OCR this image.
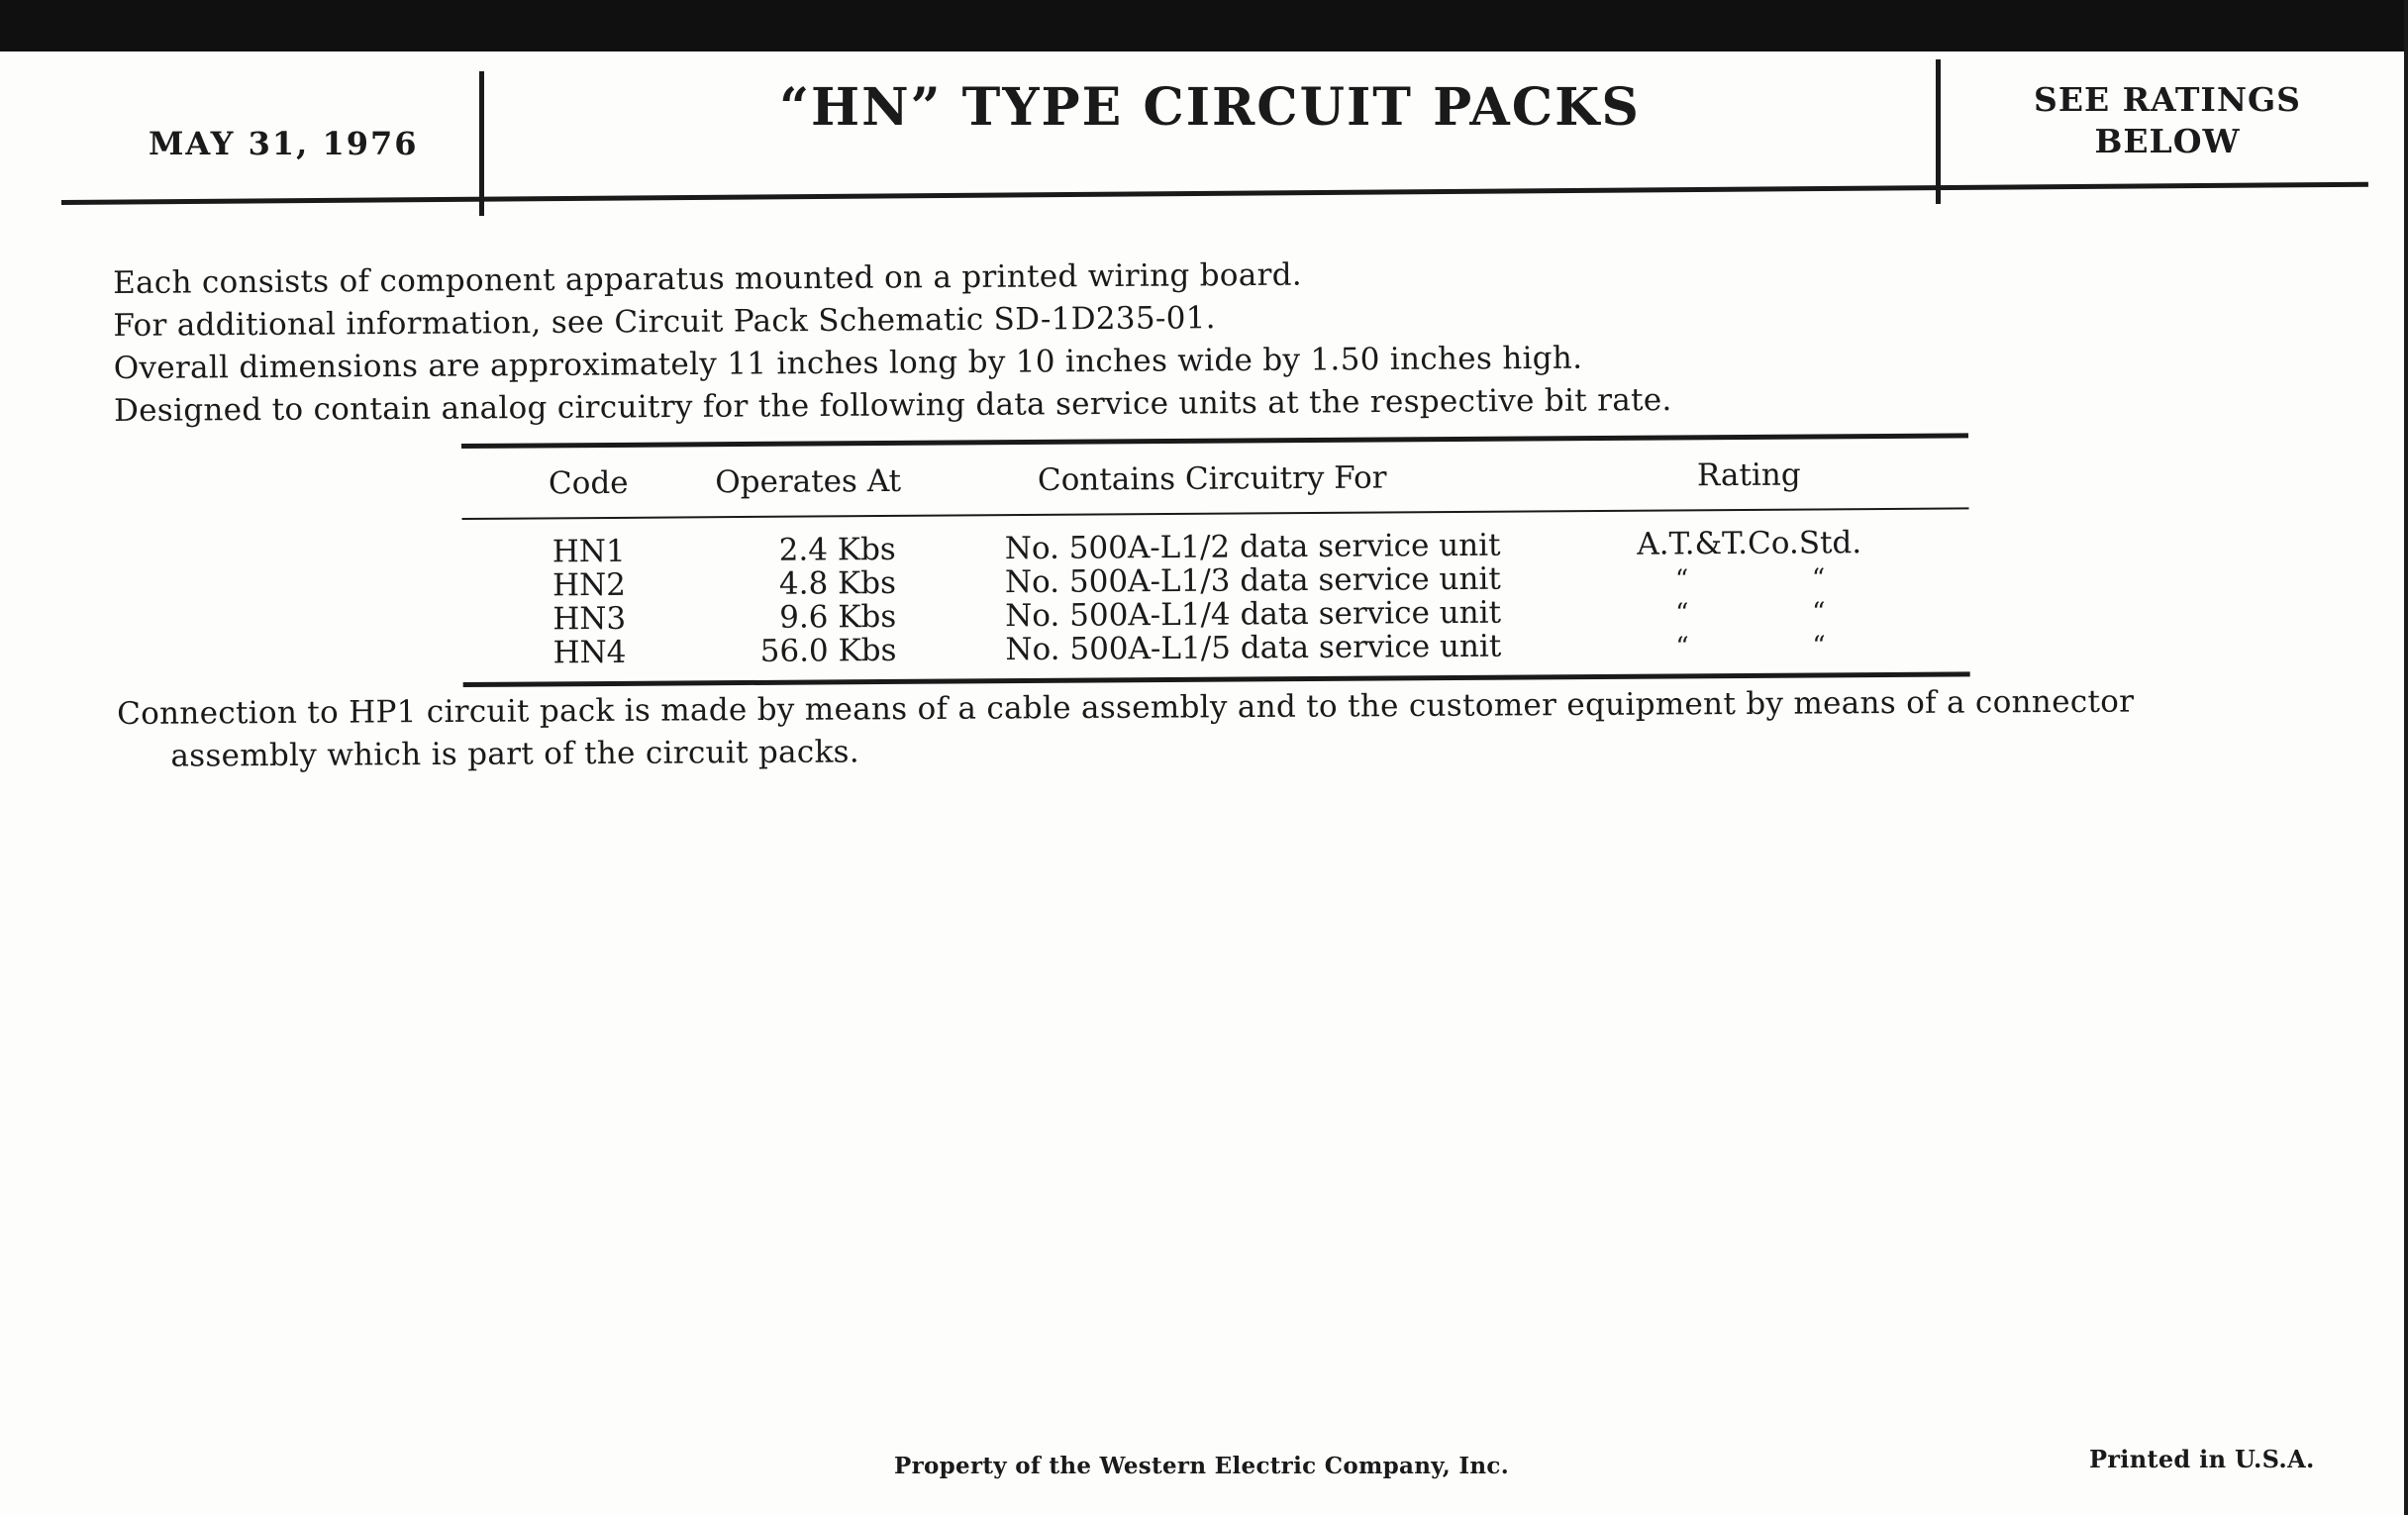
MAY 31, 1976
“HN” TYPE CIRCUIT PACKS	SEE RATINGS
BELOW

Each consists of component apparatus mounted on a printed wiring board.

For additional information, see Circuit Pack Schematic SD-1D235-01.

Overall dimensions are approximately 11 inches long by 10 inches wide by 1.50 inches high.

Designed to contain analog circuitry for the following data service units at the respective bit rate.

Code	Operates At	Contains Circuitry For	Rating
HN1	2.4 Kbs	No. 500A-L1/2 data service unit	A.T.&T.Co.Std.
HN2	4.8 Kbs	No. 500A-L1/3 data service unit	“	“
HN3	9.6 Kbs	No. 500A-L1/4 data service unit	“	“
HN4	56.0 Kbs	No. 500A-L1/5 data service unit	“	“
Connection to HP1 circuit pack is made by means of a cable assembly and to the customer equipment by means of a connector
assembly which is part of the circuit packs.
Property of the Western Electric Company, Inc.	Printed in U.S.A.
